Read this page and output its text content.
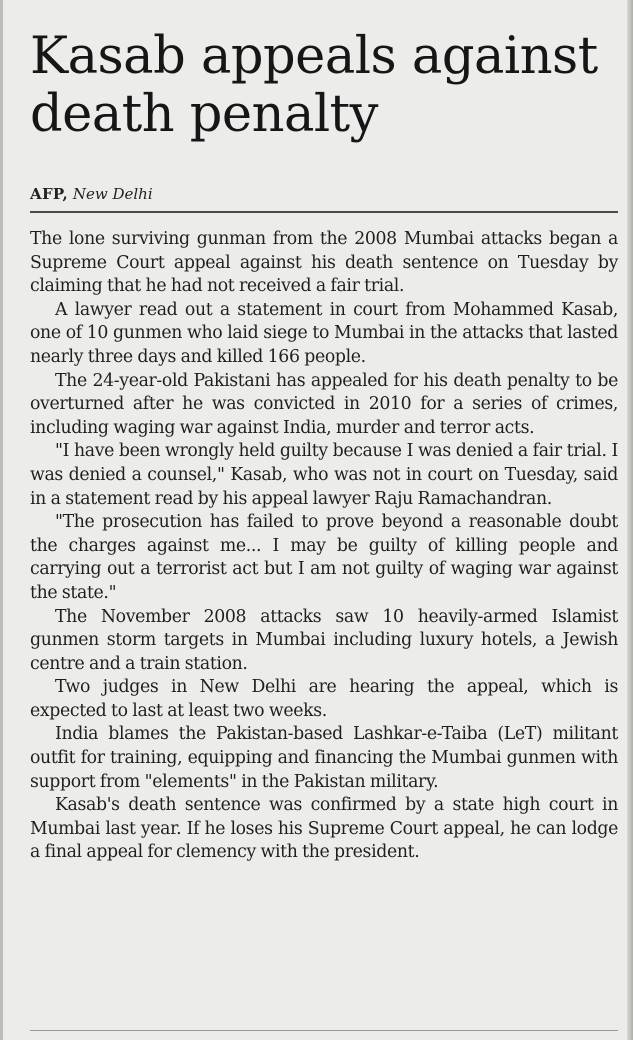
Kasab appeals against death penalty
AFP, New Delhi

The lone surviving gunman from the 2008 Mumbai attacks began a Supreme Court appeal against his death sentence on Tuesday by claiming that he had not received a fair trial.

A lawyer read out a statement in court from Mohammed Kasab, one of 10 gunmen who laid siege to Mumbai in the attacks that lasted nearly three days and killed 166 people.

The 24-year-old Pakistani has appealed for his death penalty to be overturned after he was convicted in 2010 for a series of crimes, including waging war against India, murder and terror acts.

"I have been wrongly held guilty because I was denied a fair trial. I was denied a counsel," Kasab, who was not in court on Tuesday, said in a statement read by his appeal lawyer Raju Ramachandran.

"The prosecution has failed to prove beyond a reasonable doubt the charges against me... I may be guilty of killing people and carrying out a terrorist act but I am not guilty of waging war against the state."

The November 2008 attacks saw 10 heavily-armed Islamist gunmen storm targets in Mumbai including luxury hotels, a Jewish centre and a train station.

Two judges in New Delhi are hearing the appeal, which is expected to last at least two weeks.

India blames the Pakistan-based Lashkar-e-Taiba (LeT) militant outfit for training, equipping and financing the Mumbai gunmen with support from "elements" in the Pakistan military.

Kasab's death sentence was confirmed by a state high court in Mumbai last year. If he loses his Supreme Court appeal, he can lodge a final appeal for clemency with the president.
